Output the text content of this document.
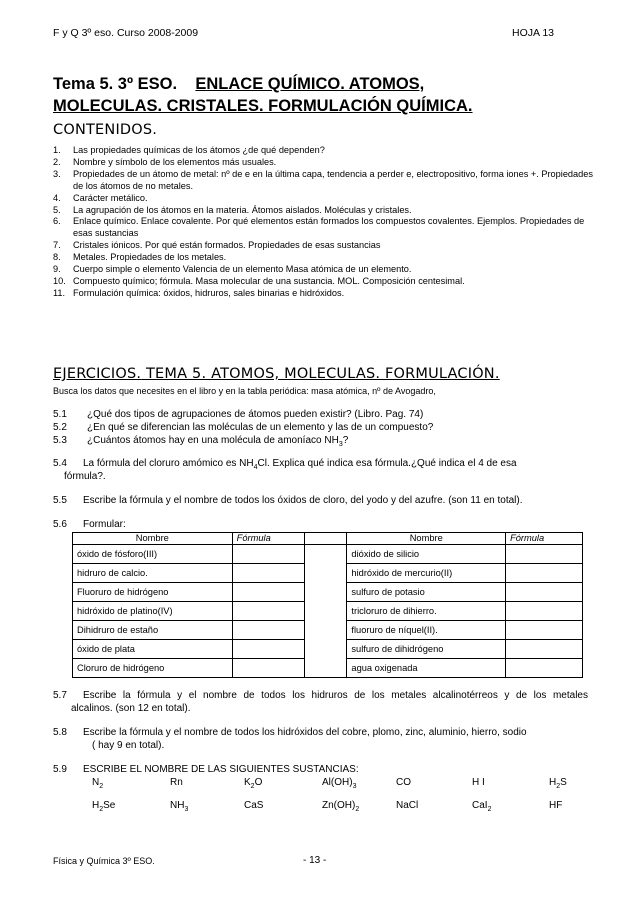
F y Q 3º eso. Curso 2008-2009	HOJA 13
Tema 5. 3º ESO. ENLACE QUÍMICO. ATOMOS,
MOLECULAS. CRISTALES. FORMULACIÓN QUÍMICA.
CONTENIDOS.
1. Las propiedades químicas de los átomos ¿de qué dependen?
2. Nombre y símbolo de los elementos más usuales.
3. Propiedades de un átomo de metal: nº de e en la última capa, tendencia a perder e, electropositivo, forma iones +. Propiedades de los átomos de no metales.
4. Carácter metálico.
5. La agrupación de los átomos en la materia. Átomos aislados. Moléculas y cristales.
6. Enlace químico. Enlace covalente. Por qué elementos están formados los compuestos covalentes. Ejemplos. Propiedades de esas sustancias
7. Cristales iónicos. Por qué están formados. Propiedades de esas sustancias
8. Metales. Propiedades de los metales.
9. Cuerpo simple o elemento Valencia de un elemento Masa atómica de un elemento.
10. Compuesto químico; fórmula. Masa molecular de una sustancia. MOL. Composición centesimal.
11. Formulación química: óxidos, hidruros, sales binarias e hidróxidos.
EJERCICIOS. TEMA 5. ATOMOS, MOLECULAS. FORMULACIÓN.
Busca los datos que necesites en el libro y en la tabla periódica: masa atómica, nº de Avogadro,
5.1 ¿Qué dos tipos de agrupaciones de átomos pueden existir? (Libro. Pag. 74)
5.2 ¿En qué se diferencian las moléculas de un elemento y las de un compuesto?
5.3 ¿Cuántos átomos hay en una molécula de amoníaco $NH_3$?
5.4 La fórmula del cloruro amómico es $NH_4Cl$. Explica qué indica esa fórmula.¿Qué indica el 4 de esa
fórmula?.
5.5 Escribe la fórmula y el nombre de todos los óxidos de cloro, del yodo y del azufre. (son 11 en total).
5.6 Formular:
Nombre	Fórmula		Nombre	Fórmula
óxido de fósforo(III)			dióxido de silicio	
hidruro de calcio.			hidróxido de mercurio(II)	
Fluoruro de hidrógeno			sulfuro de potasio	
hidróxido de platino(IV)			tricloruro de dihierro.	
Dihidruro de estaño			fluoruro de níquel(II).	
óxido de plata			sulfuro de dihidrógeno	
Cloruro de hidrógeno			agua oxigenada	
5.7 Escribe la fórmula y el nombre de todos los hidruros de los metales alcalinotérreos y de los metales
alcalinos. (son 12 en total).
5.8 Escribe la fórmula y el nombre de todos los hidróxidos del cobre, plomo, zinc, aluminio, hierro, sodio
( hay 9 en total).
5.9 ESCRIBE EL NOMBRE DE LAS SIGUIENTES SUSTANCIAS:
$N_2$	Rn	$K_2O$	$Al(OH)_3$	CO	H I	$H_2S$
$H_2Se$	$NH_3$	CaS	$Zn(OH)_2$	NaCl	CaI$_2$	HF
Física y Química 3º ESO.	- 13 -
